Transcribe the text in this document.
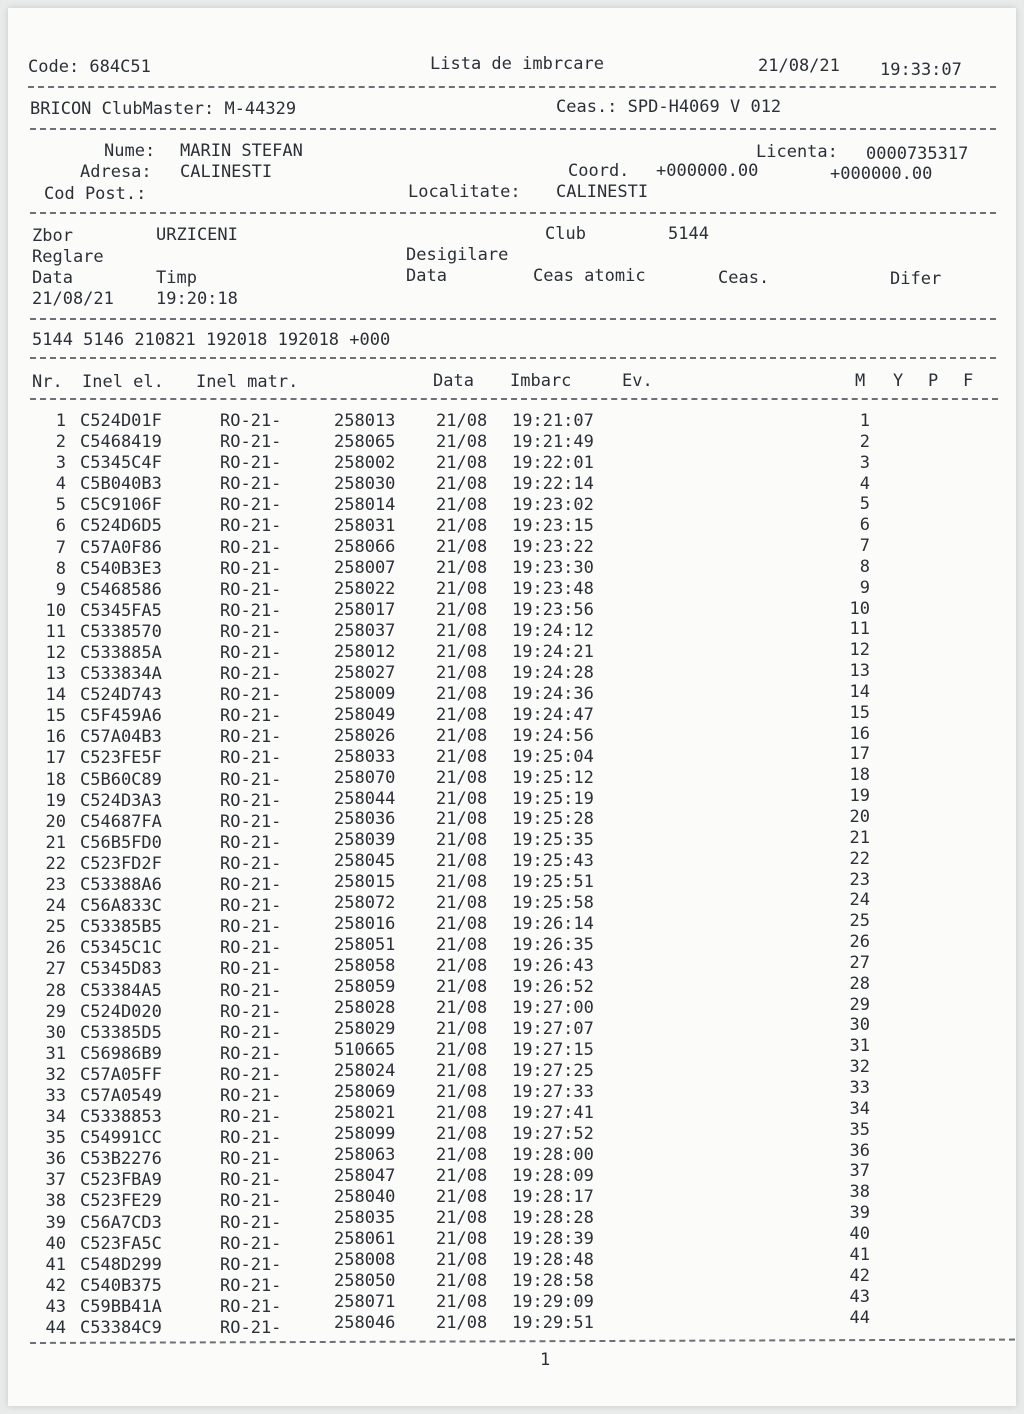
Code: 684C51	Lista de imbrcare	21/08/21 19:33:07
BRICON ClubMaster: M-44329	Ceas.: SPD-H4069 V 012
Nume: MARIN STEFAN	Licenta: 0000735317
Adresa: CALINESTI	Coord. +000000.00	+000000.00
Cod Post.:	Localitate: CALINESTI
Zbor	URZICENI	Club	5144
Reglare	Desigilare
Data	Timp	Data	Ceas atomic	Ceas.	Difer
21/08/21 19:20:18
5144 5146 210821 192018 192018 +000
Nr. Inel el. Inel matr.	Data Imbarc	Ev.	M Y P F
1 C524D01F	RO-21-	258013 21/08 19:21:07	1
2 C5468419	RO-21-	258065 21/08 19:21:49	2
3 C5345C4F	RO-21-	258002 21/08 19:22:01	3
4 C5B040B3	RO-21-	258030 21/08 19:22:14	4
5 C5C9106F	RO-21-	258014 21/08 19:23:02	5
6 C524D6D5	RO-21-	258031 21/08 19:23:15	6
7 C57A0F86	RO-21-	258066 21/08 19:23:22	7
8 C540B3E3	RO-21-	258007 21/08 19:23:30	8
9 C5468586	RO-21-	258022 21/08 19:23:48	9
10 C5345FA5	RO-21-	258017 21/08 19:23:56	10
11 C5338570	RO-21-	258037 21/08 19:24:12	11
12 C533885A	RO-21-	258012 21/08 19:24:21	12
13 C533834A	RO-21-	258027 21/08 19:24:28	13
14 C524D743	RO-21-	258009 21/08 19:24:36	14
15 C5F459A6	RO-21-	258049 21/08 19:24:47	15
16 C57A04B3	RO-21-	258026 21/08 19:24:56	16
17 C523FE5F	RO-21-	258033 21/08 19:25:04	17
18 C5B60C89	RO-21-	258070 21/08 19:25:12	18
19 C524D3A3	RO-21-	258044 21/08 19:25:19	19
20 C54687FA	RO-21-	258036 21/08 19:25:28	20
21 C56B5FD0	RO-21-	258039 21/08 19:25:35	21
22 C523FD2F	RO-21-	258045 21/08 19:25:43	22
23 C53388A6	RO-21-	258015 21/08 19:25:51	23
24 C56A833C	RO-21-	258072 21/08 19:25:58	24
25 C53385B5	RO-21-	258016 21/08 19:26:14	25
26 C5345C1C	RO-21-	258051 21/08 19:26:35	26
27 C5345D83	RO-21-	258058 21/08 19:26:43	27
28 C53384A5	RO-21-	258059 21/08 19:26:52	28
29 C524D020	RO-21-	258028 21/08 19:27:00	29
30 C53385D5	RO-21-	258029 21/08 19:27:07	30
31 C56986B9	RO-21-	510665 21/08 19:27:15	31
32 C57A05FF	RO-21-	258024 21/08 19:27:25	32
33 C57A0549	RO-21-	258069 21/08 19:27:33	33
34 C5338853	RO-21-	258021 21/08 19:27:41	34
35 C54991CC	RO-21-	258099 21/08 19:27:52	35
36 C53B2276	RO-21-	258063 21/08 19:28:00	36
37 C523FBA9	RO-21-	258047 21/08 19:28:09	37
38 C523FE29	RO-21-	258040 21/08 19:28:17	38
39 C56A7CD3	RO-21-	258035 21/08 19:28:28	39
40 C523FA5C	RO-21-	258061 21/08 19:28:39	40
41 C548D299	RO-21-	258008 21/08 19:28:48	41
42 C540B375	RO-21-	258050 21/08 19:28:58	42
43 C59BB41A	RO-21-	258071 21/08 19:29:09	43
44 C53384C9	RO-21-	258046 21/08 19:29:51	44
1
